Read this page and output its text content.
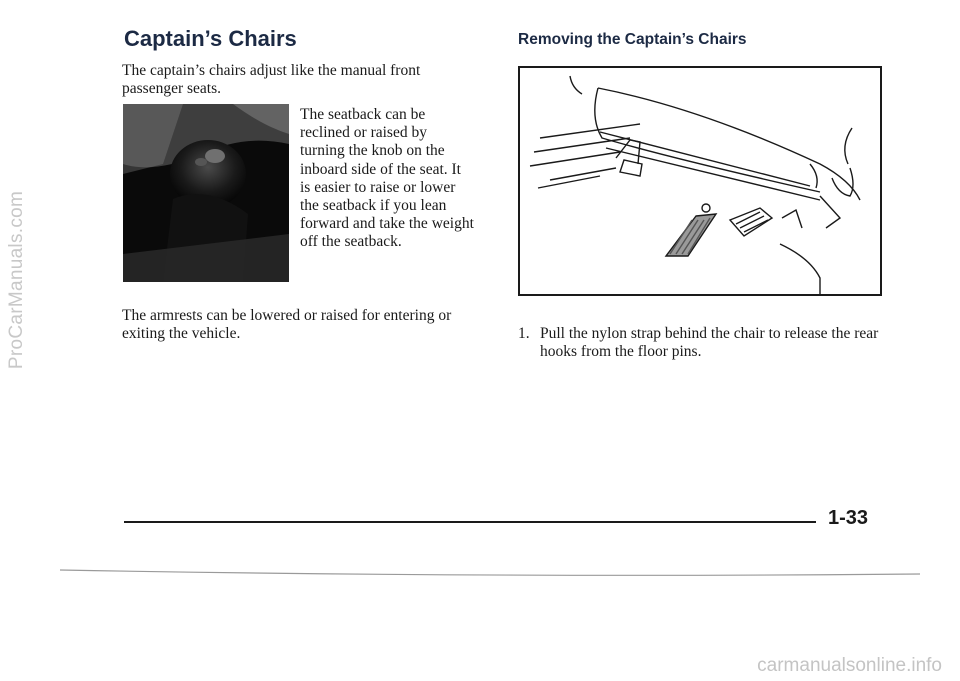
ProCarManuals.com
Captain’s Chairs

The captain’s chairs adjust like the manual front passenger seats.

The seatback can be reclined or raised by turning the knob on the inboard side of the seat. It is easier to raise or lower the seatback if you lean forward and take the weight off the seatback.

The armrests can be lowered or raised for entering or exiting the vehicle.

Removing the Captain’s Chairs
1. Pull the nylon strap behind the chair to release the rear hooks from the floor pins.
1-33
carmanualsonline.info
